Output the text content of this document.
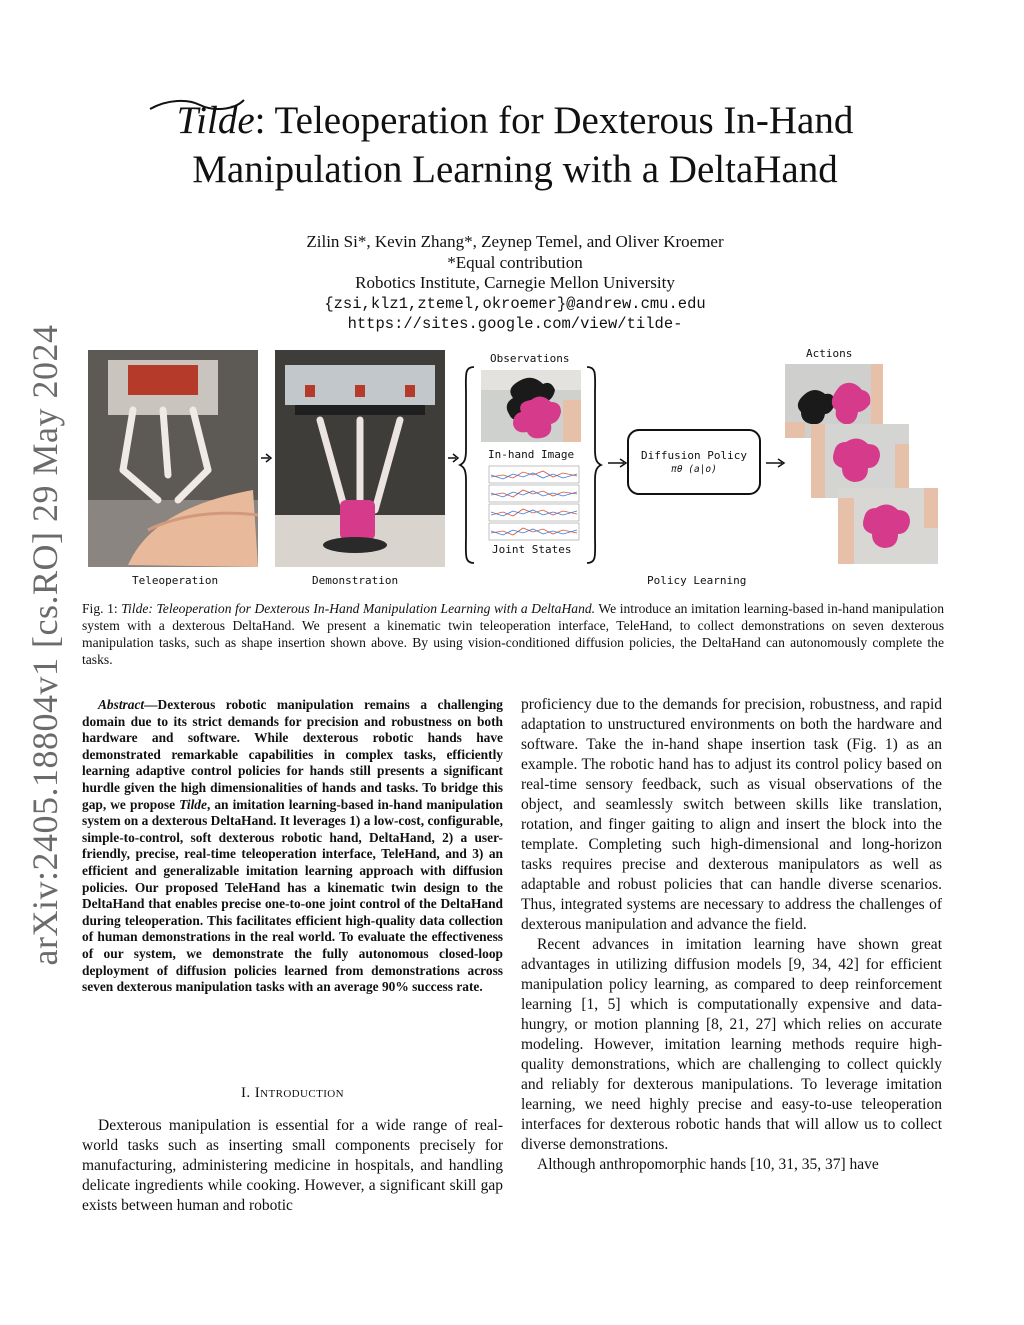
arXiv:2405.18804v1 [cs.RO] 29 May 2024
Tilde: Teleoperation for Dexterous In-Hand
Manipulation Learning with a DeltaHand
Zilin Si*, Kevin Zhang*, Zeynep Temel, and Oliver Kroemer
*Equal contribution
Robotics Institute, Carnegie Mellon University
{zsi,klz1,ztemel,okroemer}@andrew.cmu.edu
https://sites.google.com/view/tilde-
Teleoperation	Demonstration
Observations
In-hand Image
Joint States
Diffusion Policy
πθ (a|o)
Actions
Policy Learning
Fig. 1: Tilde: Teleoperation for Dexterous In-Hand Manipulation Learning with a DeltaHand. We introduce an imitation learning-based in-hand manipulation system with a dexterous DeltaHand. We present a kinematic twin teleoperation interface, TeleHand, to collect demonstrations on seven dexterous manipulation tasks, such as shape insertion shown above. By using vision-conditioned diffusion policies, the DeltaHand can autonomously complete the tasks.
Abstract—Dexterous robotic manipulation remains a challenging domain due to its strict demands for precision and robustness on both hardware and software. While dexterous robotic hands have demonstrated remarkable capabilities in complex tasks, efficiently learning adaptive control policies for hands still presents a significant hurdle given the high dimensionalities of hands and tasks. To bridge this gap, we propose Tilde, an imitation learning-based in-hand manipulation system on a dexterous DeltaHand. It leverages 1) a low-cost, configurable, simple-to-control, soft dexterous robotic hand, DeltaHand, 2) a user-friendly, precise, real-time teleoperation interface, TeleHand, and 3) an efficient and generalizable imitation learning approach with diffusion policies. Our proposed TeleHand has a kinematic twin design to the DeltaHand that enables precise one-to-one joint control of the DeltaHand during teleoperation. This facilitates efficient high-quality data collection of human demonstrations in the real world. To evaluate the effectiveness of our system, we demonstrate the fully autonomous closed-loop deployment of diffusion policies learned from demonstrations across seven dexterous manipulation tasks with an average 90% success rate.
I. Introduction

Dexterous manipulation is essential for a wide range of real-world tasks such as inserting small components precisely for manufacturing, administering medicine in hospitals, and handling delicate ingredients while cooking. However, a significant skill gap exists between human and robotic

proficiency due to the demands for precision, robustness, and rapid adaptation to unstructured environments on both the hardware and software. Take the in-hand shape insertion task (Fig. 1) as an example. The robotic hand has to adjust its control policy based on real-time sensory feedback, such as visual observations of the object, and seamlessly switch between skills like translation, rotation, and finger gaiting to align and insert the block into the template. Completing such high-dimensional and long-horizon tasks requires precise and dexterous manipulators as well as adaptable and robust policies that can handle diverse scenarios. Thus, integrated systems are necessary to address the challenges of dexterous manipulation and advance the field.

Recent advances in imitation learning have shown great advantages in utilizing diffusion models [9, 34, 42] for efficient manipulation policy learning, as compared to deep reinforcement learning [1, 5] which is computationally expensive and data-hungry, or motion planning [8, 21, 27] which relies on accurate modeling. However, imitation learning methods require high-quality demonstrations, which are challenging to collect quickly and reliably for dexterous manipulations. To leverage imitation learning, we need highly precise and easy-to-use teleoperation interfaces for dexterous robotic hands that will allow us to collect diverse demonstrations.

Although anthropomorphic hands [10, 31, 35, 37] have
